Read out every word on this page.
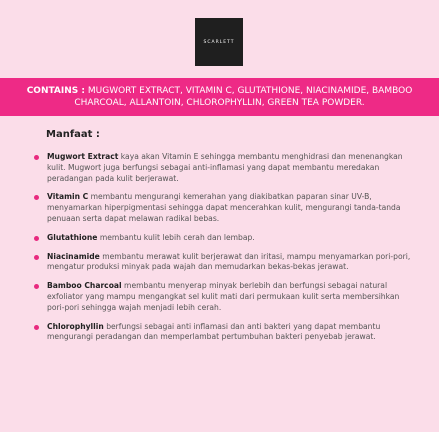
SCARLETT
CONTAINS : MUGWORT EXTRACT, VITAMIN C, GLUTATHIONE, NIACINAMIDE, BAMBOO CHARCOAL, ALLANTOIN, CHLOROPHYLLIN, GREEN TEA POWDER.
Manfaat :
Mugwort Extract kaya akan Vitamin E sehingga membantu menghidrasi dan menenangkan kulit. Mugwort juga berfungsi sebagai anti-inflamasi yang dapat membantu meredakan peradangan pada kulit berjerawat.
Vitamin C membantu mengurangi kemerahan yang diakibatkan paparan sinar UV-B, menyamarkan hiperpigmentasi sehingga dapat mencerahkan kulit, mengurangi tanda-tanda penuaan serta dapat melawan radikal bebas.
Glutathione membantu kulit lebih cerah dan lembap.
Niacinamide membantu merawat kulit berjerawat dan iritasi, mampu menyamarkan pori-pori, mengatur produksi minyak pada wajah dan memudarkan bekas-bekas jerawat.
Bamboo Charcoal membantu menyerap minyak berlebih dan berfungsi sebagai natural exfoliator yang mampu mengangkat sel kulit mati dari permukaan kulit serta membersihkan pori-pori sehingga wajah menjadi lebih cerah.
Chlorophyllin berfungsi sebagai anti inflamasi dan anti bakteri yang dapat membantu mengurangi peradangan dan memperlambat pertumbuhan bakteri penyebab jerawat.
